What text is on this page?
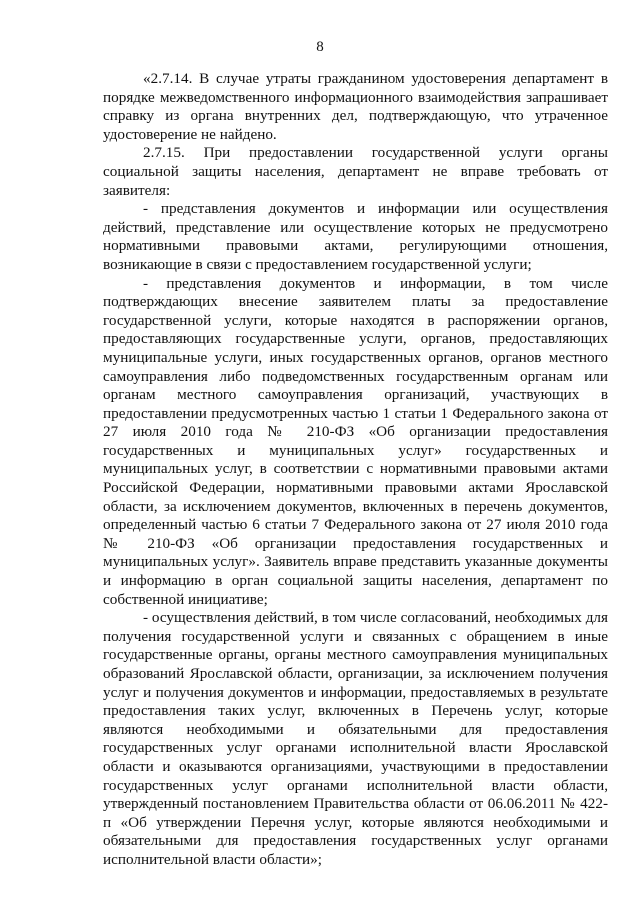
8

«2.7.14. В случае утраты гражданином удостоверения департамент в порядке межведомственного информационного взаимодействия запрашивает справку из органа внутренних дел, подтверждающую, что утраченное удостоверение не найдено.

2.7.15. При предоставлении государственной услуги органы социальной защиты населения, департамент не вправе требовать от заявителя:

- представления документов и информации или осуществления действий, представление или осуществление которых не предусмотрено нормативными правовыми актами, регулирующими отношения, возникающие в связи с предоставлением государственной услуги;

- представления документов и информации, в том числе подтверждающих внесение заявителем платы за предоставление государственной услуги, которые находятся в распоряжении органов, предоставляющих государственные услуги, органов, предоставляющих муниципальные услуги, иных государственных органов, органов местного самоуправления либо подведомственных государственным органам или органам местного самоуправления организаций, участвующих в предоставлении предусмотренных частью 1 статьи 1 Федерального закона от 27 июля 2010 года № 210-ФЗ «Об организации предоставления государственных и муниципальных услуг» государственных и муниципальных услуг, в соответствии с нормативными правовыми актами Российской Федерации, нормативными правовыми актами Ярославской области, за исключением документов, включенных в перечень документов, определенный частью 6 статьи 7 Федерального закона от 27 июля 2010 года № 210-ФЗ «Об организации предоставления государственных и муниципальных услуг». Заявитель вправе представить указанные документы и информацию в орган социальной защиты населения, департамент по собственной инициативе;

- осуществления действий, в том числе согласований, необходимых для получения государственной услуги и связанных с обращением в иные государственные органы, органы местного самоуправления муниципальных образований Ярославской области, организации, за исключением получения услуг и получения документов и информации, предоставляемых в результате предоставления таких услуг, включенных в Перечень услуг, которые являются необходимыми и обязательными для предоставления государственных услуг органами исполнительной власти Ярославской области и оказываются организациями, участвующими в предоставлении государственных услуг органами исполнительной власти области, утвержденный постановлением Правительства области от 06.06.2011 № 422-п «Об утверждении Перечня услуг, которые являются необходимыми и обязательными для предоставления государственных услуг органами исполнительной власти области»;
